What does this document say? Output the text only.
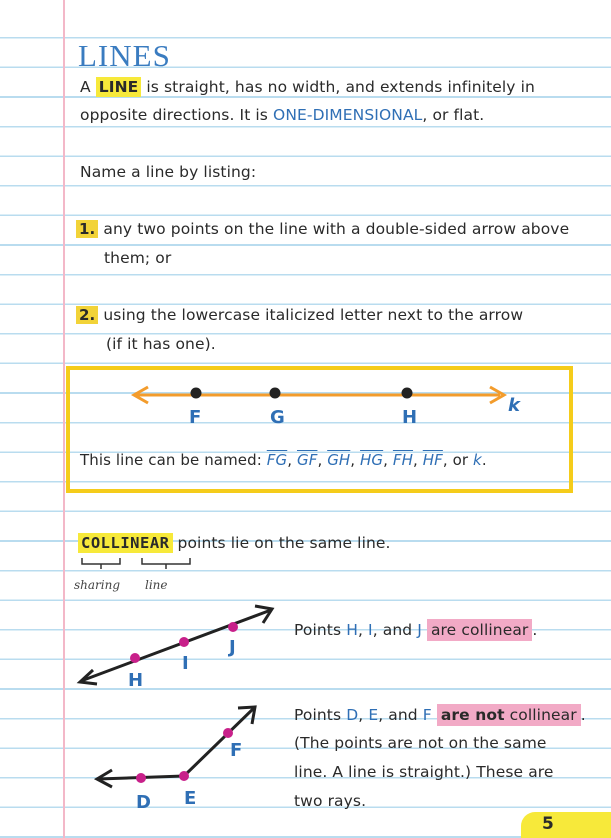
LINES
A LINE is straight, has no width, and extends infinitely in
opposite directions. It is ONE-DIMENSIONAL, or flat.
Name a line by listing:
1. any two points on the line with a double-sided arrow above
them; or
2. using the lowercase italicized letter next to the arrow
(if it has one).
F	G	H
k
This line can be named: $\overline{FG}$, $\overline{GF}$, $\overline{GH}$, $\overline{HG}$, $\overline{FH}$, $\overline{HF}$, or k.
COLLINEAR points lie on the same line.
sharing line
H
I
J
Points H, I, and J are collinear .
D E
F
Points D, E, and F are not collinear .
(The points are not on the same
line. A line is straight.) These are
two rays.
5
